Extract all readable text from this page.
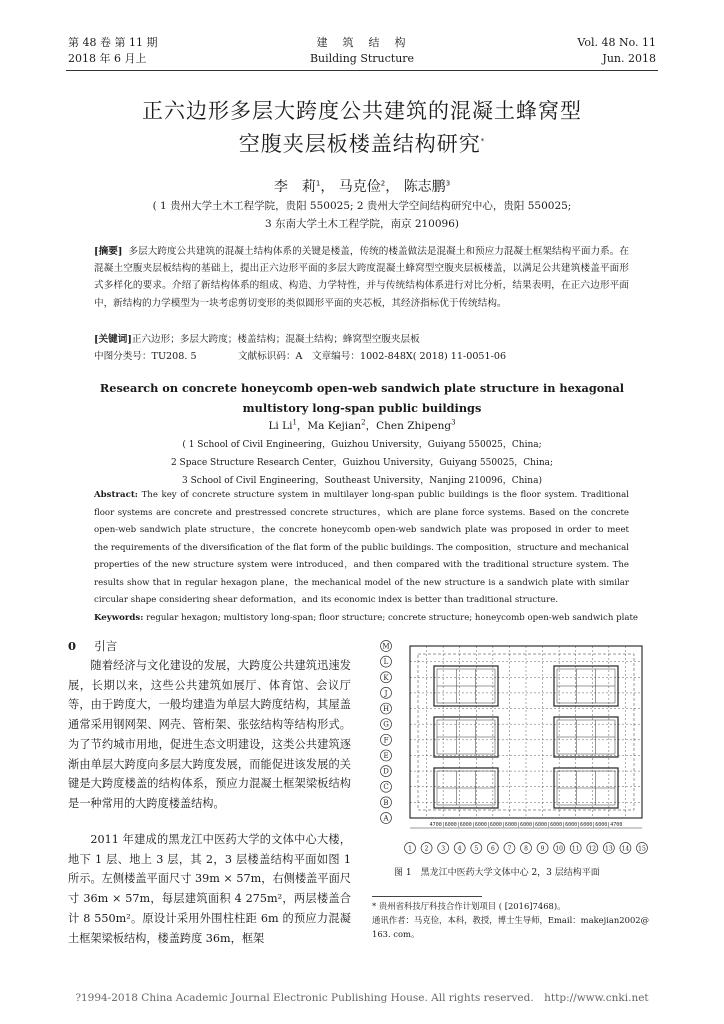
第 48 卷 第 11 期
2018 年 6 月上
建　筑　结　构
Building Structure
Vol. 48 No. 11
Jun. 2018
正六边形多层大跨度公共建筑的混凝土蜂窝型
空腹夹层板楼盖结构研究*
李　莉$^1$， 马克俭$^2$， 陈志鹏$^3$
( 1 贵州大学土木工程学院，贵阳 550025; 2 贵州大学空间结构研究中心，贵阳 550025;
3 东南大学土木工程学院，南京 210096)
[摘要] 多层大跨度公共建筑的混凝土结构体系的关键是楼盖，传统的楼盖做法是混凝土和预应力混凝土框架结构平面力系。在混凝土空腹夹层板结构的基础上，提出正六边形平面的多层大跨度混凝土蜂窝型空腹夹层板楼盖，以满足公共建筑楼盖平面形式多样化的要求。介绍了新结构体系的组成、构造、力学特性，并与传统结构体系进行对比分析，结果表明，在正六边形平面中，新结构的力学模型为一块考虑剪切变形的类似圆形平面的夹芯板，其经济指标优于传统结构。
[关键词]正六边形；多层大跨度；楼盖结构；混凝土结构；蜂窝型空腹夹层板
中图分类号：TU208. 5	文献标识码：A 文章编号：1002-848X( 2018) 11-0051-06
Research on concrete honeycomb open-web sandwich plate structure in hexagonal
multistory long-span public buildings
Li Li$^1$，Ma Kejian$^2$，Chen Zhipeng$^3$
( 1 School of Civil Engineering，Guizhou University，Guiyang 550025，China;
2 Space Structure Research Center，Guizhou University，Guiyang 550025，China;
3 School of Civil Engineering，Southeast University，Nanjing 210096，China)
Abstract: The key of concrete structure system in multilayer long-span public buildings is the floor system. Traditional floor systems are concrete and prestressed concrete structures，which are plane force systems. Based on the concrete open-web sandwich plate structure，the concrete honeycomb open-web sandwich plate was proposed in order to meet the requirements of the diversification of the flat form of the public buildings. The composition，structure and mechanical properties of the new structure system were introduced，and then compared with the traditional structure system. The results show that in regular hexagon plane，the mechanical model of the new structure is a sandwich plate with similar circular shape considering shear deformation，and its economic index is better than traditional structure.
Keywords: regular hexagon; multistory long-span; floor structure; concrete structure; honeycomb open-web sandwich plate
0 引言
随着经济与文化建设的发展，大跨度公共建筑迅速发展，长期以来，这些公共建筑如展厅、体育馆、会议厅等，由于跨度大，一般均建造为单层大跨度结构，其屋盖通常采用钢网架、网壳、管桁架、张弦结构等结构形式。为了节约城市用地，促进生态文明建设，这类公共建筑逐渐由单层大跨度向多层大跨度发展，而能促进该发展的关键是大跨度楼盖的结构体系，预应力混凝土框架梁板结构是一种常用的大跨度楼盖结构。
2011 年建成的黑龙江中医药大学的文体中心大楼，地下 1 层、地上 3 层，其 2，3 层楼盖结构平面如图 1 所示。左侧楼盖平面尺寸 39m × 57m，右侧楼盖平面尺寸 36m × 57m，每层建筑面积 4 275m²，两层楼盖合计 8 550m²。原设计采用外围柱柱距 6m 的预应力混凝土框架梁板结构，楼盖跨度 36m，框架
M
L
K
J
H
G
F
E
D
C
B
A
1 2 3 4 5 6 7 8 9 10 11 12 13 14 15
4700|6000|6000|6000|6000|6000|6000|6000|6000|6000|6000|6000|4700
图 1　黑龙江中医药大学文体中心 2，3 层结构平面
* 贵州省科技厅科技合作计划项目 ( [2016]7468)。
通讯作者：马克俭，本科，教授，博士生导师，Email：makejian2002@
163. com。
?1994-2018 China Academic Journal Electronic Publishing House. All rights reserved.　http://www.cnki.net
